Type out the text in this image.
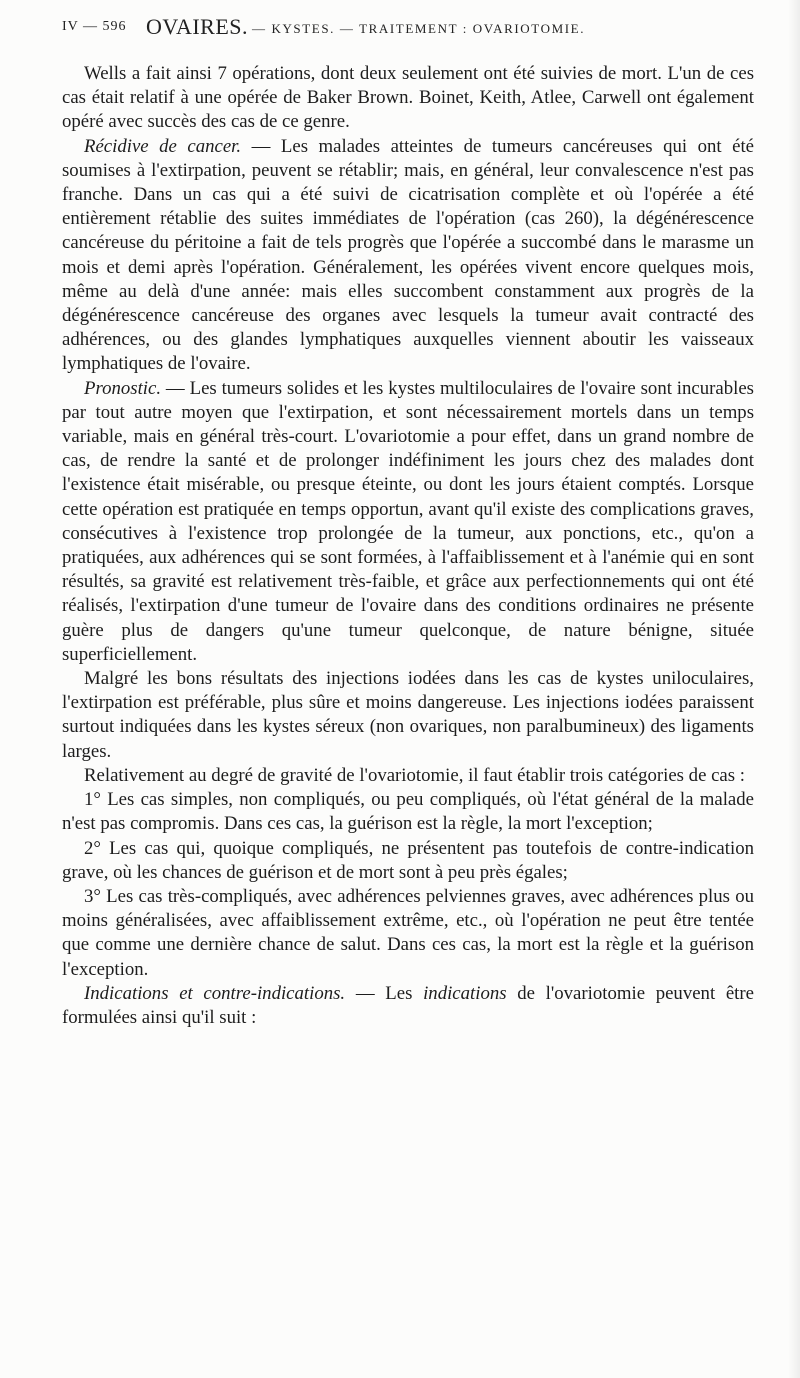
IV — 596 OVAIRES. — KYSTES. — TRAITEMENT : OVARIOTOMIE.

Wells a fait ainsi 7 opérations, dont deux seulement ont été suivies de mort. L'un de ces cas était relatif à une opérée de Baker Brown. Boinet, Keith, Atlee, Carwell ont également opéré avec succès des cas de ce genre.

Récidive de cancer. — Les malades atteintes de tumeurs cancéreuses qui ont été soumises à l'extirpation, peuvent se rétablir; mais, en général, leur convalescence n'est pas franche. Dans un cas qui a été suivi de cicatrisation complète et où l'opérée a été entièrement rétablie des suites immédiates de l'opération (cas 260), la dégénérescence cancéreuse du péritoine a fait de tels progrès que l'opérée a succombé dans le marasme un mois et demi après l'opération. Généralement, les opérées vivent encore quelques mois, même au delà d'une année: mais elles succombent constamment aux progrès de la dégénérescence cancéreuse des organes avec lesquels la tumeur avait contracté des adhérences, ou des glandes lymphatiques auxquelles viennent aboutir les vaisseaux lymphatiques de l'ovaire.

Pronostic. — Les tumeurs solides et les kystes multiloculaires de l'ovaire sont incurables par tout autre moyen que l'extirpation, et sont nécessairement mortels dans un temps variable, mais en général très-court. L'ovariotomie a pour effet, dans un grand nombre de cas, de rendre la santé et de prolonger indéfiniment les jours chez des malades dont l'existence était misérable, ou presque éteinte, ou dont les jours étaient comptés. Lorsque cette opération est pratiquée en temps opportun, avant qu'il existe des complications graves, consécutives à l'existence trop prolongée de la tumeur, aux ponctions, etc., qu'on a pratiquées, aux adhérences qui se sont formées, à l'affaiblissement et à l'anémie qui en sont résultés, sa gravité est relativement très-faible, et grâce aux perfectionnements qui ont été réalisés, l'extirpation d'une tumeur de l'ovaire dans des conditions ordinaires ne présente guère plus de dangers qu'une tumeur quelconque, de nature bénigne, située superficiellement.

Malgré les bons résultats des injections iodées dans les cas de kystes uniloculaires, l'extirpation est préférable, plus sûre et moins dangereuse. Les injections iodées paraissent surtout indiquées dans les kystes séreux (non ovariques, non paralbumineux) des ligaments larges.

Relativement au degré de gravité de l'ovariotomie, il faut établir trois catégories de cas :

1° Les cas simples, non compliqués, ou peu compliqués, où l'état général de la malade n'est pas compromis. Dans ces cas, la guérison est la règle, la mort l'exception;

2° Les cas qui, quoique compliqués, ne présentent pas toutefois de contre-indication grave, où les chances de guérison et de mort sont à peu près égales;

3° Les cas très-compliqués, avec adhérences pelviennes graves, avec adhérences plus ou moins généralisées, avec affaiblissement extrême, etc., où l'opération ne peut être tentée que comme une dernière chance de salut. Dans ces cas, la mort est la règle et la guérison l'exception.

Indications et contre-indications. — Les indications de l'ovariotomie peuvent être formulées ainsi qu'il suit :
